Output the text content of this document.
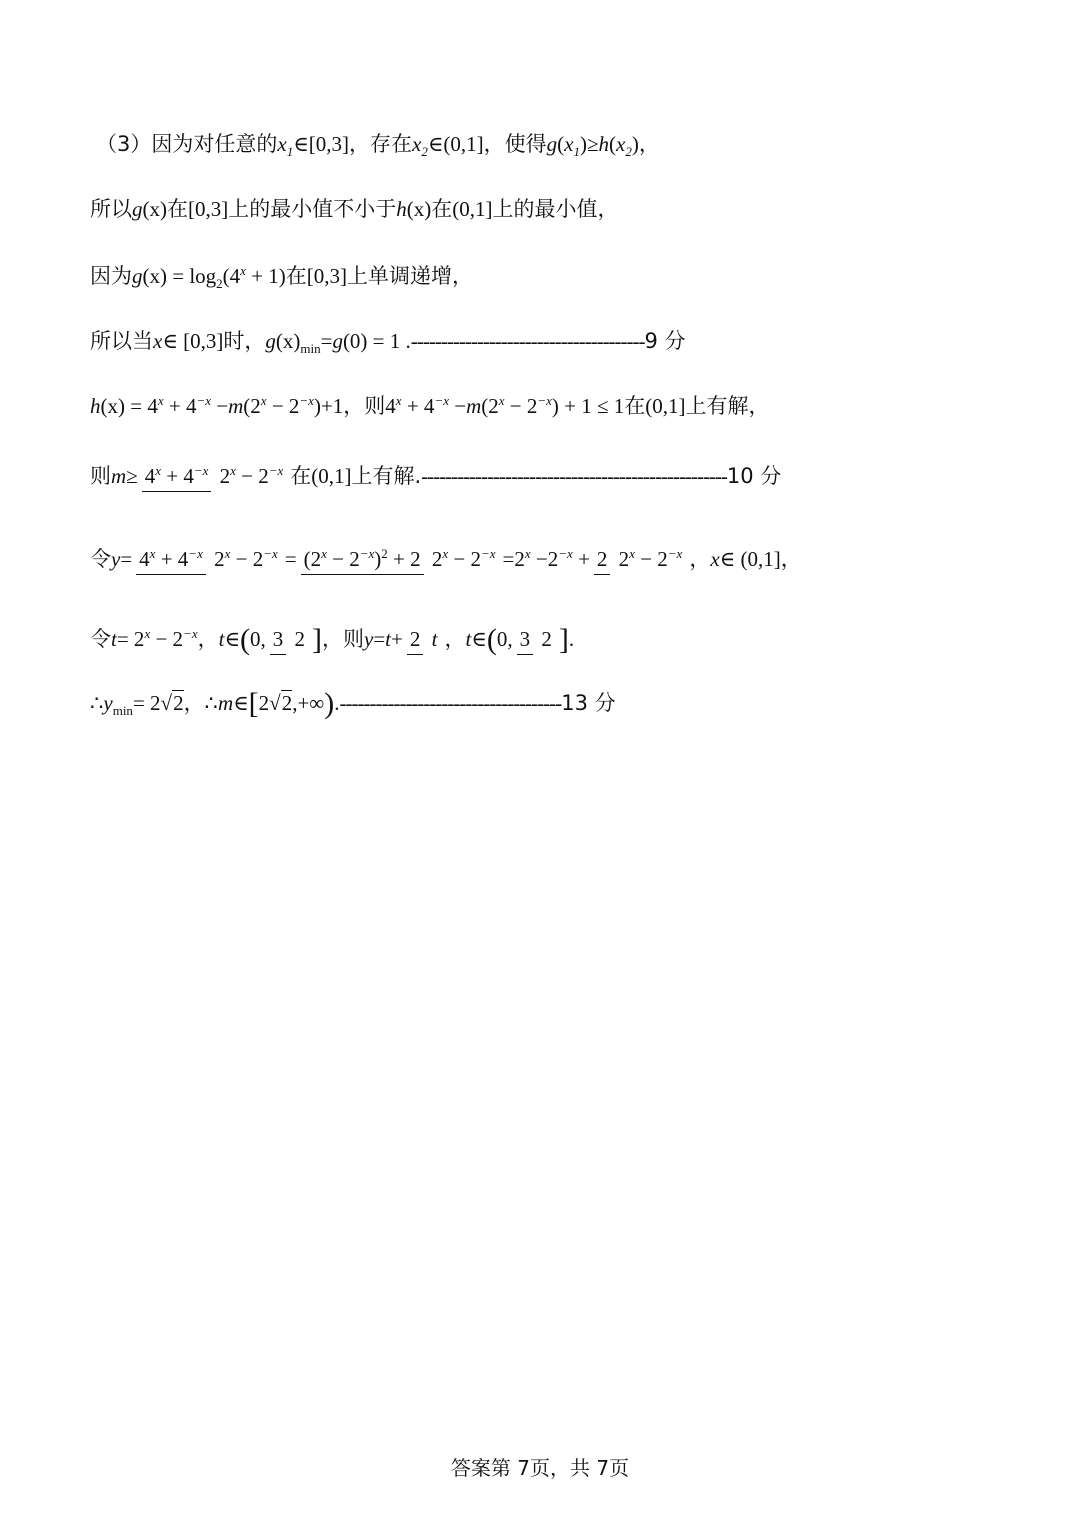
（3）因为对任意的 $x_1$ ∈ [0,3] ，存在 $x_2$ ∈ (0,1] ，使得 g ( $x_1$ ) ≥ h ( $x_2$ ) ，
所以 g (x) 在 [0,3] 上的最小值不小于 h (x) 在 (0,1] 上的最小值，
因为 g $(x) = \log_2 (4^x + 1)$ 在 [0,3] 上单调递增，
所以当 x ∈ [0,3] 时， g $(x)_{min} = g$ (0) = 1 . --------------------------------------- 9 分
h $(x) = 4^x + 4^{-x} - m$ $(2^x - 2^{-x})+1$ ，则 $4^x + 4^{-x} - m$ $(2^x - 2^{-x}) + 1 \le 1$ 在 (0,1] 上有解，
则 $m \ge 4^x + 4^{-x}$ $2^x - 2^{-x}$ 在 (0,1] 上有解. --------------------------------------------------- 10 分
令 $y = 4^x + 4^{-x}$ $2^x - 2^{-x} = (2^x - 2^{-x})^2 + 2$ $2^x - 2^{-x} =2^x -2^{-x} + 2$ $2^x - 2^{-x}$ ， x ∈ (0,1] ，
令 $t = 2^x - 2^{-x}$ ， t ∈ ( 0, 3 2 ] ，则 y = t + 2 t ， t ∈ ( 0, 3 2 ] .
∴ $y_{min} = 2√2$ ，∴ m ∈ [ 2√2,+∞ ) . ------------------------------------- 13 分
答案第 7页，共 7页
